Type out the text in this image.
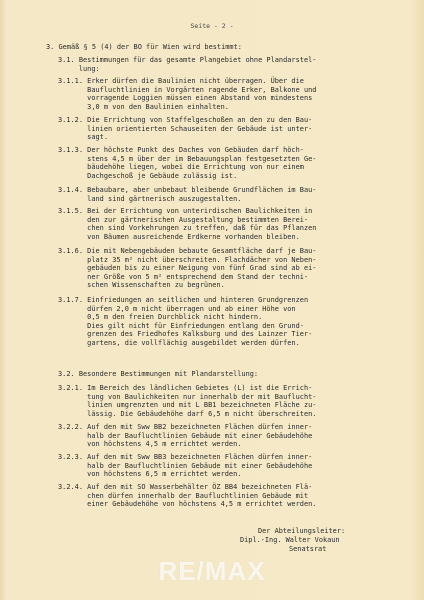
Seite - 2 -
3. Gemäß § 5 (4) der BO für Wien wird bestimmt:
3.1. Bestimmungen für das gesamte Plangebiet ohne Plandarstel-
lung:
3.1.1. Erker dürfen die Baulinien nicht überragen. Über die
Baufluchtlinien in Vorgärten ragende Erker, Balkone und
vorragende Loggien müssen einen Abstand von mindestens
3,0 m von den Baulinien einhalten.
3.1.2. Die Errichtung von Staffelgeschoßen an den zu den Bau-
linien orientierten Schauseiten der Gebäude ist unter-
sagt.
3.1.3. Der höchste Punkt des Daches von Gebäuden darf höch-
stens 4,5 m über der im Bebauungsplan festgesetzten Ge-
bäudehöhe liegen, wobei die Errichtung von nur einem
Dachgeschoß je Gebäude zulässig ist.
3.1.4. Bebaubare, aber unbebaut bleibende Grundflächen im Bau-
land sind gärtnerisch auszugestalten.
3.1.5. Bei der Errichtung von unterirdischen Baulichkeiten in
den zur gärtnerischen Ausgestaltung bestimmten Berei-
chen sind Vorkehrungen zu treffen, daß für das Pflanzen
von Bäumen ausreichende Erdkerne vorhanden bleiben.
3.1.6. Die mit Nebengebäuden bebaute Gesamtfläche darf je Bau-
platz 35 m² nicht überschreiten. Flachdächer von Neben-
gebäuden bis zu einer Neigung von fünf Grad sind ab ei-
ner Größe von 5 m² entsprechend dem Stand der techni-
schen Wissenschaften zu begrünen.
3.1.7. Einfriedungen an seitlichen und hinteren Grundgrenzen
dürfen 2,0 m nicht überragen und ab einer Höhe von
0,5 m den freien Durchblick nicht hindern.
Dies gilt nicht für Einfriedungen entlang den Grund-
grenzen des Friedhofes Kalksburg und des Lainzer Tier-
gartens, die vollflächig ausgebildet werden dürfen.
3.2. Besondere Bestimmungen mit Plandarstellung:
3.2.1. Im Bereich des ländlichen Gebietes (L) ist die Errich-
tung von Baulichkeiten nur innerhalb der mit Bauflucht-
linien umgrenzten und mit L BB1 bezeichneten Fläche zu-
lässig. Die Gebäudehöhe darf 6,5 m nicht überschreiten.
3.2.2. Auf den mit Sww BB2 bezeichneten Flächen dürfen inner-
halb der Baufluchtlinien Gebäude mit einer Gebäudehöhe
von höchstens 4,5 m errichtet werden.
3.2.3. Auf den mit Sww BB3 bezeichneten Flächen dürfen inner-
halb der Baufluchtlinien Gebäude mit einer Gebäudehöhe
von höchstens 6,5 m errichtet werden.
3.2.4. Auf den mit SO Wasserbehälter ÖZ BB4 bezeichneten Flä-
chen dürfen innerhalb der Baufluchtlinien Gebäude mit
einer Gebäudehöhe von höchstens 4,5 m errichtet werden.
Der Abteilungsleiter:
Dipl.-Ing. Walter Vokaun
Senatsrat
RE/MAX
